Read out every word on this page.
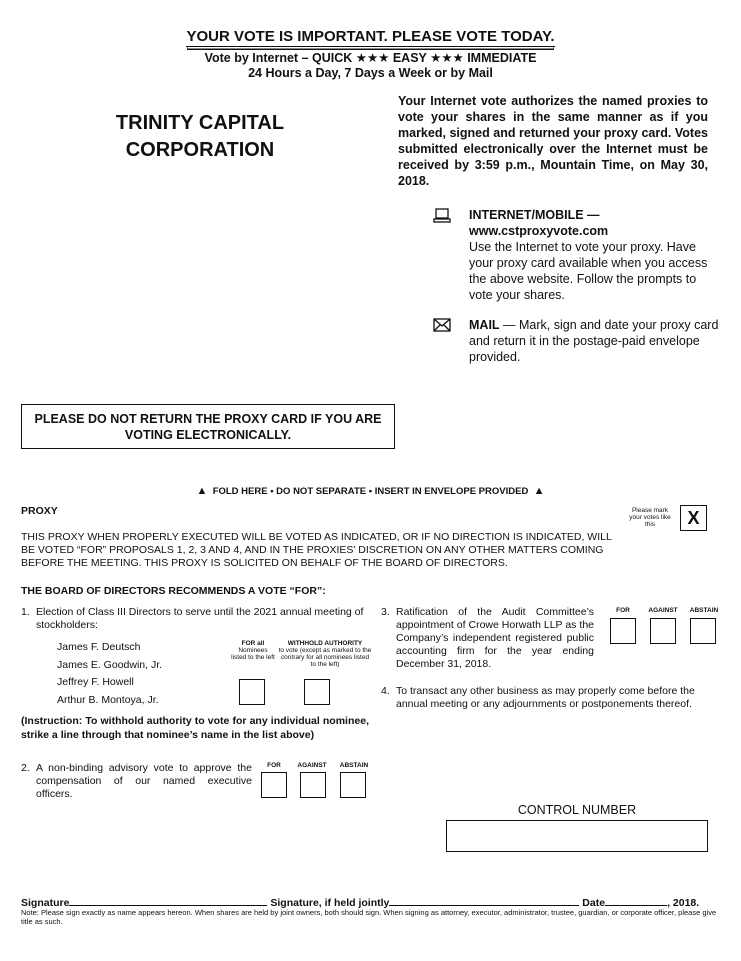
YOUR VOTE IS IMPORTANT. PLEASE VOTE TODAY.
Vote by Internet – QUICK ★★★ EASY ★★★ IMMEDIATE
24 Hours a Day, 7 Days a Week or by Mail
TRINITY CAPITAL
CORPORATION
Your Internet vote authorizes the named proxies to vote your shares in the same manner as if you marked, signed and returned your proxy card. Votes submitted electronically over the Internet must be received by 3:59 p.m., Mountain Time, on May 30, 2018.
INTERNET/MOBILE —
www.cstproxyvote.com
Use the Internet to vote your proxy. Have your proxy card available when you access the above website. Follow the prompts to vote your shares.
MAIL — Mark, sign and date your proxy card and return it in the postage-paid envelope provided.
PLEASE DO NOT RETURN THE PROXY CARD IF YOU ARE VOTING ELECTRONICALLY.
▲ FOLD HERE • DO NOT SEPARATE • INSERT IN ENVELOPE PROVIDED ▲
PROXY	Please mark your votes like this	X
THIS PROXY WHEN PROPERLY EXECUTED WILL BE VOTED AS INDICATED, OR IF NO DIRECTION IS INDICATED, WILL BE VOTED “FOR” PROPOSALS 1, 2, 3 AND 4, AND IN THE PROXIES’ DISCRETION ON ANY OTHER MATTERS COMING BEFORE THE MEETING. THIS PROXY IS SOLICITED ON BEHALF OF THE BOARD OF DIRECTORS.
THE BOARD OF DIRECTORS RECOMMENDS A VOTE “FOR”:
1. Election of Class III Directors to serve until the 2021 annual meeting of stockholders:
James F. Deutsch
James E. Goodwin, Jr.
Jeffrey F. Howell
Arthur B. Montoya, Jr.
FOR all
Nominees listed to the left
WITHHOLD AUTHORITY
to vote (except as marked to the contrary for all nominees listed to the left)
(Instruction: To withhold authority to vote for any individual nominee, strike a line through that nominee’s name in the list above)
2. A non-binding advisory vote to approve the compensation of our named executive officers.
FOR	AGAINST	ABSTAIN
3. Ratification of the Audit Committee’s appointment of Crowe Horwath LLP as the Company’s independent registered public accounting firm for the year ending December 31, 2018.
FOR	AGAINST	ABSTAIN
4. To transact any other business as may properly come before the annual meeting or any adjournments or postponements thereof.
CONTROL NUMBER
Signature	Signature, if held jointly	Date	, 2018.
Note: Please sign exactly as name appears hereon. When shares are held by joint owners, both should sign. When signing as attorney, executor, administrator, trustee, guardian, or corporate officer, please give title as such.
